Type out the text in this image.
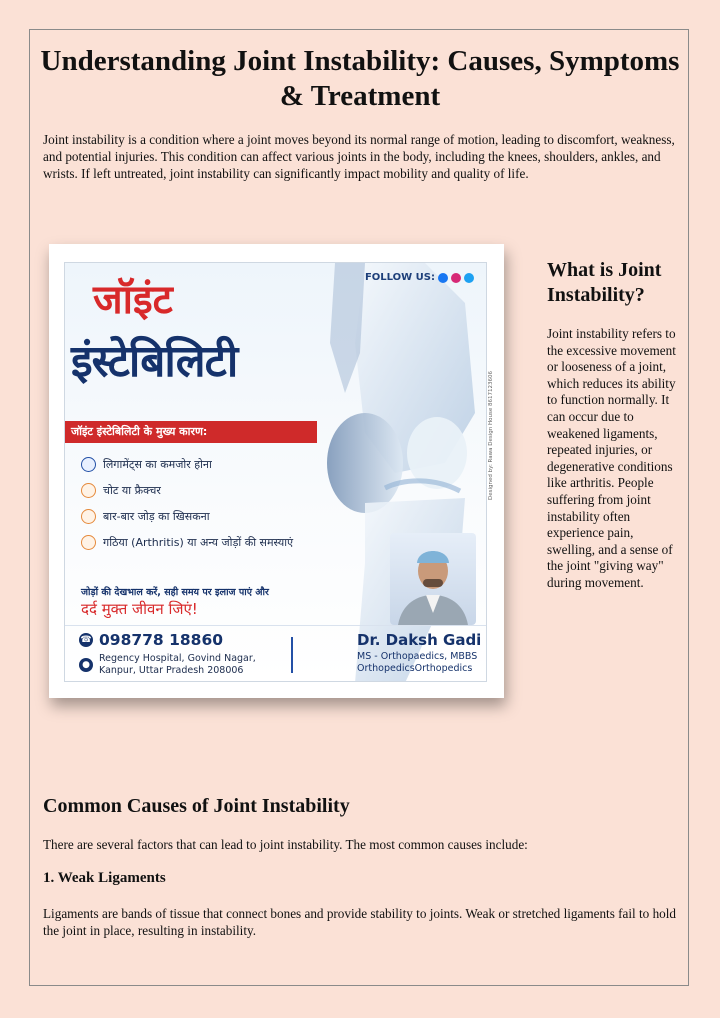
Understanding Joint Instability: Causes, Symptoms & Treatment

Joint instability is a condition where a joint moves beyond its normal range of motion, leading to discomfort, weakness, and potential injuries. This condition can affect various joints in the body, including the knees, shoulders, ankles, and wrists. If left untreated, joint instability can significantly impact mobility and quality of life.

FOLLOW US:
जॉइंट
इंस्टेबिलिटी
जॉइंट इंस्टेबिलिटी के मुख्य कारण:
लिगामेंट्स का कमजोर होना
चोट या फ्रैक्चर
बार-बार जोड़ का खिसकना
गठिया (Arthritis) या अन्य जोड़ों की समस्याएं
जोड़ों की देखभाल करें, सही समय पर इलाज पाएं और
दर्द मुक्त जीवन जिएं!
☎ 098778 18860
●
Regency Hospital, Govind Nagar,
Kanpur, Uttar Pradesh 208006
Dr. Daksh Gadi
MS - Orthopaedics, MBBS
OrthopedicsOrthopedics
Designed by: Rawa Design House 8617123606
What is Joint Instability?

Joint instability refers to the excessive movement or looseness of a joint, which reduces its ability to function normally. It can occur due to weakened ligaments, repeated injuries, or degenerative conditions like arthritis. People suffering from joint instability often experience pain, swelling, and a sense of the joint "giving way" during movement.

Common Causes of Joint Instability

There are several factors that can lead to joint instability. The most common causes include:

1. Weak Ligaments

Ligaments are bands of tissue that connect bones and provide stability to joints. Weak or stretched ligaments fail to hold the joint in place, resulting in instability.
